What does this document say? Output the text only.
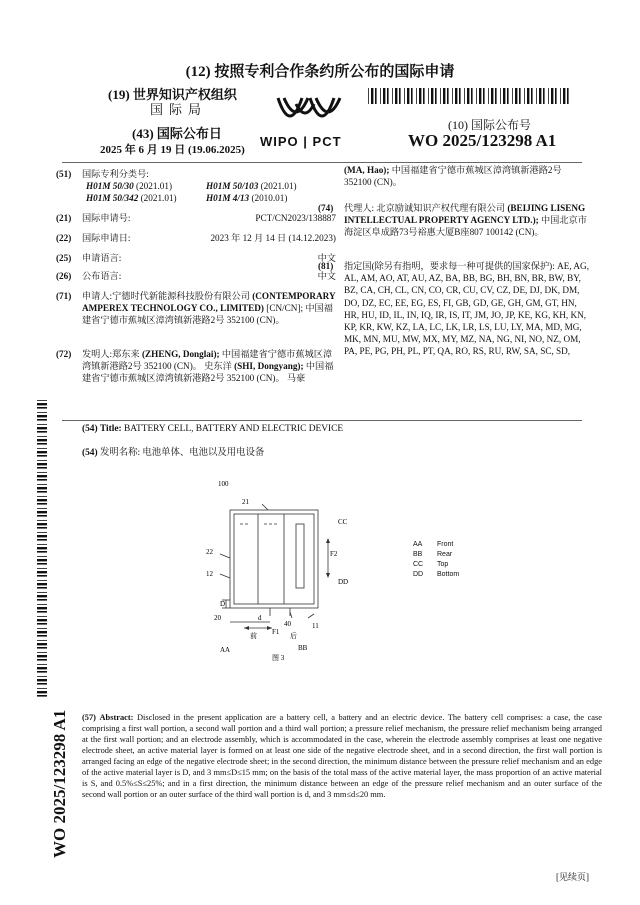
(12) 按照专利合作条约所公布的国际申请
(19) 世界知识产权组织
国际局
(43) 国际公布日
2025 年 6 月 19 日 (19.06.2025)
WIPO | PCT
(10) 国际公布号
WO 2025/123298 A1
(51) 国际专利分类号:
H01M 50/30 (2021.01)	H01M 50/103 (2021.01)
H01M 50/342 (2021.01)	H01M 4/13 (2010.01)
(21) 国际申请号:	PCT/CN2023/138887
(22) 国际申请日:	2023 年 12 月 14 日 (14.12.2023)
(25) 申请语言:	中文
(26) 公布语言:	中文
(71) 申请人:宁德时代新能源科技股份有限公司 (CONTEMPORARY AMPEREX TECHNOLOGY CO., LIMITED) [CN/CN]; 中国福建省宁德市蕉城区漳湾镇新港路2号 352100 (CN)。
(72) 发明人:郑东来 (ZHENG, Donglai); 中国福建省宁德市蕉城区漳湾镇新港路2号 352100 (CN)。 史东洋 (SHI, Dongyang); 中国福建省宁德市蕉城区漳湾镇新港路2号 352100 (CN)。 马豪
(MA, Hao); 中国福建省宁德市蕉城区漳湾镇新港路2号 352100 (CN)。
(74) 代理人: 北京励诚知识产权代理有限公司 (BEIJING LISENG INTELLECTUAL PROPERTY AGENCY LTD.); 中国北京市海淀区阜成路73号裕惠大厦B座807 100142 (CN)。
(81) 指定国(除另有指明，要求每一种可提供的国家保护): AE, AG, AL, AM, AO, AT, AU, AZ, BA, BB, BG, BH, BN, BR, BW, BY, BZ, CA, CH, CL, CN, CO, CR, CU, CV, CZ, DE, DJ, DK, DM, DO, DZ, EC, EE, EG, ES, FI, GB, GD, GE, GH, GM, GT, HN, HR, HU, ID, IL, IN, IQ, IR, IS, IT, JM, JO, JP, KE, KG, KH, KN, KP, KR, KW, KZ, LA, LC, LK, LR, LS, LU, LY, MA, MD, MG, MK, MN, MU, MW, MX, MY, MZ, NA, NG, NI, NO, NZ, OM, PA, PE, PG, PH, PL, PT, QA, RO, RS, RU, RW, SA, SC, SD,
WO 2025/123298 A1
(54) Title: BATTERY CELL, BATTERY AND ELECTRIC DEVICE
(54) 发明名称: 电池单体、电池以及用电设备
100
21
22
12
D
20
40	11
d
F2
CC
DD
F1
前	后
AA	BB
图 3
AA	Front
BB	Rear
CC	Top
DD	Bottom
(57) Abstract: Disclosed in the present application are a battery cell, a battery and an electric device. The battery cell comprises: a case, the case comprising a first wall portion, a second wall portion and a third wall portion; a pressure relief mechanism, the pressure relief mechanism being arranged at the first wall portion; and an electrode assembly, which is accommodated in the case, wherein the electrode assembly comprises at least one negative electrode sheet, an active material layer is formed on at least one side of the negative electrode sheet, and in a second direction, the first wall portion is arranged facing an edge of the negative electrode sheet; in the second direction, the minimum distance between the pressure relief mechanism and an edge of the active material layer is D, and 3 mm≤D≤15 mm; on the basis of the total mass of the active material layer, the mass proportion of an active material is S, and 0.5%≤S≤25%; and in a first direction, the minimum distance between an edge of the pressure relief mechanism and an outer surface of the second wall portion or an outer surface of the third wall portion is d, and 3 mm≤d≤20 mm.
[见续页]
